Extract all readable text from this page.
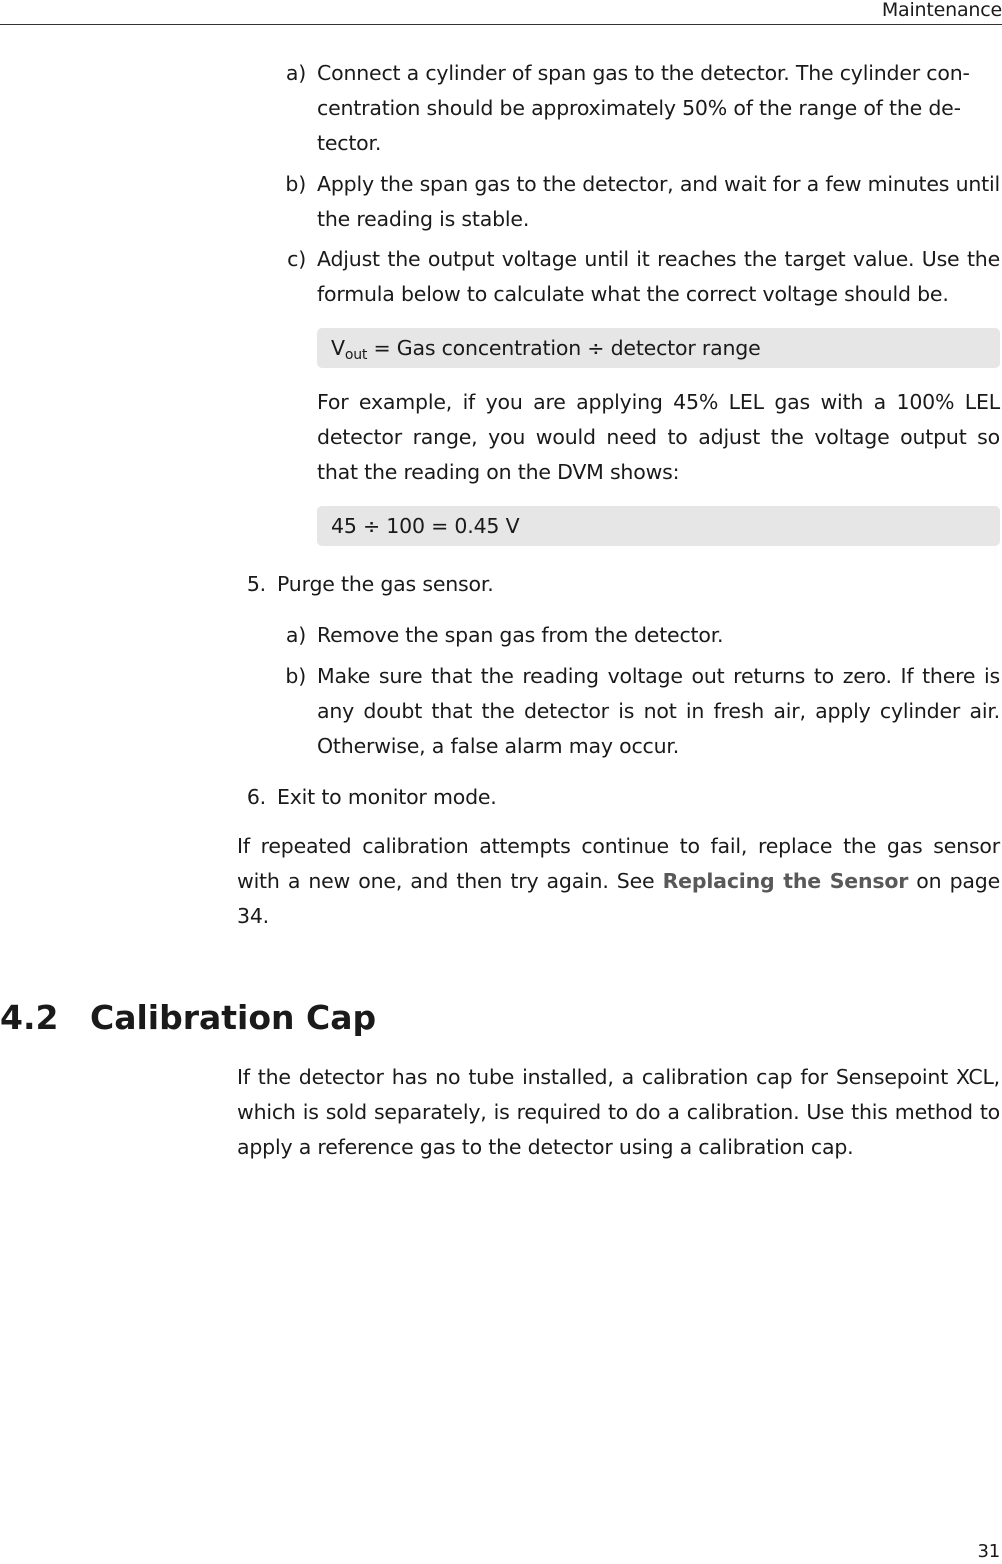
Maintenance
a) Connect a cylinder of span gas to the detector. The cylinder con-
centration should be approximately 50% of the range of the de-
tector.
b) Apply the span gas to the detector, and wait for a few minutes until the reading is stable.
c) Adjust the output voltage until it reaches the target value. Use the formula below to calculate what the correct voltage should be.
$V_{out}$ = Gas concentration ÷ detector range
For example, if you are applying 45% LEL gas with a 100% LEL detector range, you would need to adjust the voltage output so that the reading on the DVM shows:
45 ÷ 100 = 0.45 V
5. Purge the gas sensor.
a) Remove the span gas from the detector.
b) Make sure that the reading voltage out returns to zero. If there is any doubt that the detector is not in fresh air, apply cylinder air. Otherwise, a false alarm may occur.
6. Exit to monitor mode.
If repeated calibration attempts continue to fail, replace the gas sensor with a new one, and then try again. See Replacing the Sensor on page 34.
4.2 Calibration Cap
If the detector has no tube installed, a calibration cap for Sensepoint XCL, which is sold separately, is required to do a calibration. Use this method to apply a reference gas to the detector using a calibration cap.
31
